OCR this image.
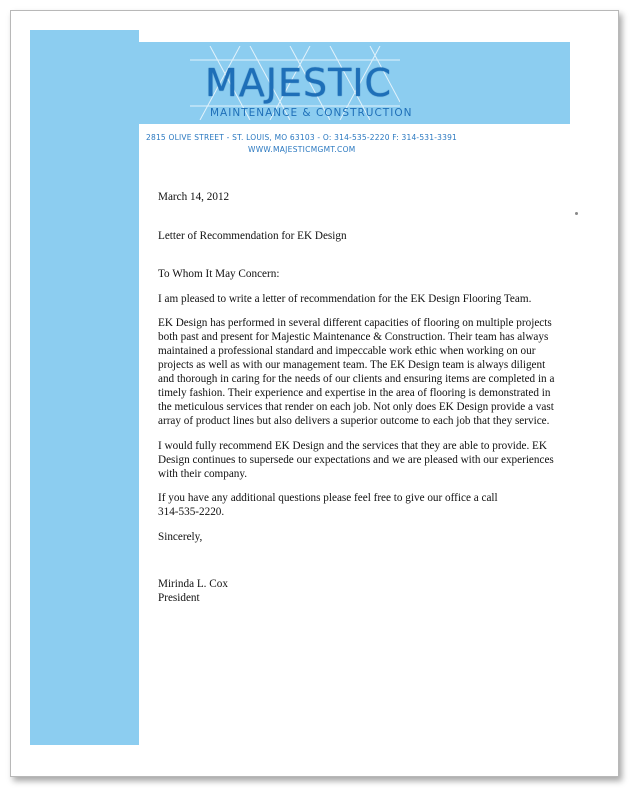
MAJESTIC
MAINTENANCE & CONSTRUCTION
2815 OLIVE STREET - ST. LOUIS, MO 63103 - O: 314-535-2220 F: 314-531-3391
WWW.MAJESTICMGMT.COM
March 14, 2012
Letter of Recommendation for EK Design
To Whom It May Concern:
I am pleased to write a letter of recommendation for the EK Design Flooring Team.
EK Design has performed in several different capacities of flooring on multiple projects
both past and present for Majestic Maintenance & Construction. Their team has always
maintained a professional standard and impeccable work ethic when working on our
projects as well as with our management team. The EK Design team is always diligent
and thorough in caring for the needs of our clients and ensuring items are completed in a
timely fashion. Their experience and expertise in the area of flooring is demonstrated in
the meticulous services that render on each job. Not only does EK Design provide a vast
array of product lines but also delivers a superior outcome to each job that they service.
I would fully recommend EK Design and the services that they are able to provide. EK
Design continues to supersede our expectations and we are pleased with our experiences
with their company.
If you have any additional questions please feel free to give our office a call
314-535-2220.
Sincerely,
Mirinda L. Cox
President
